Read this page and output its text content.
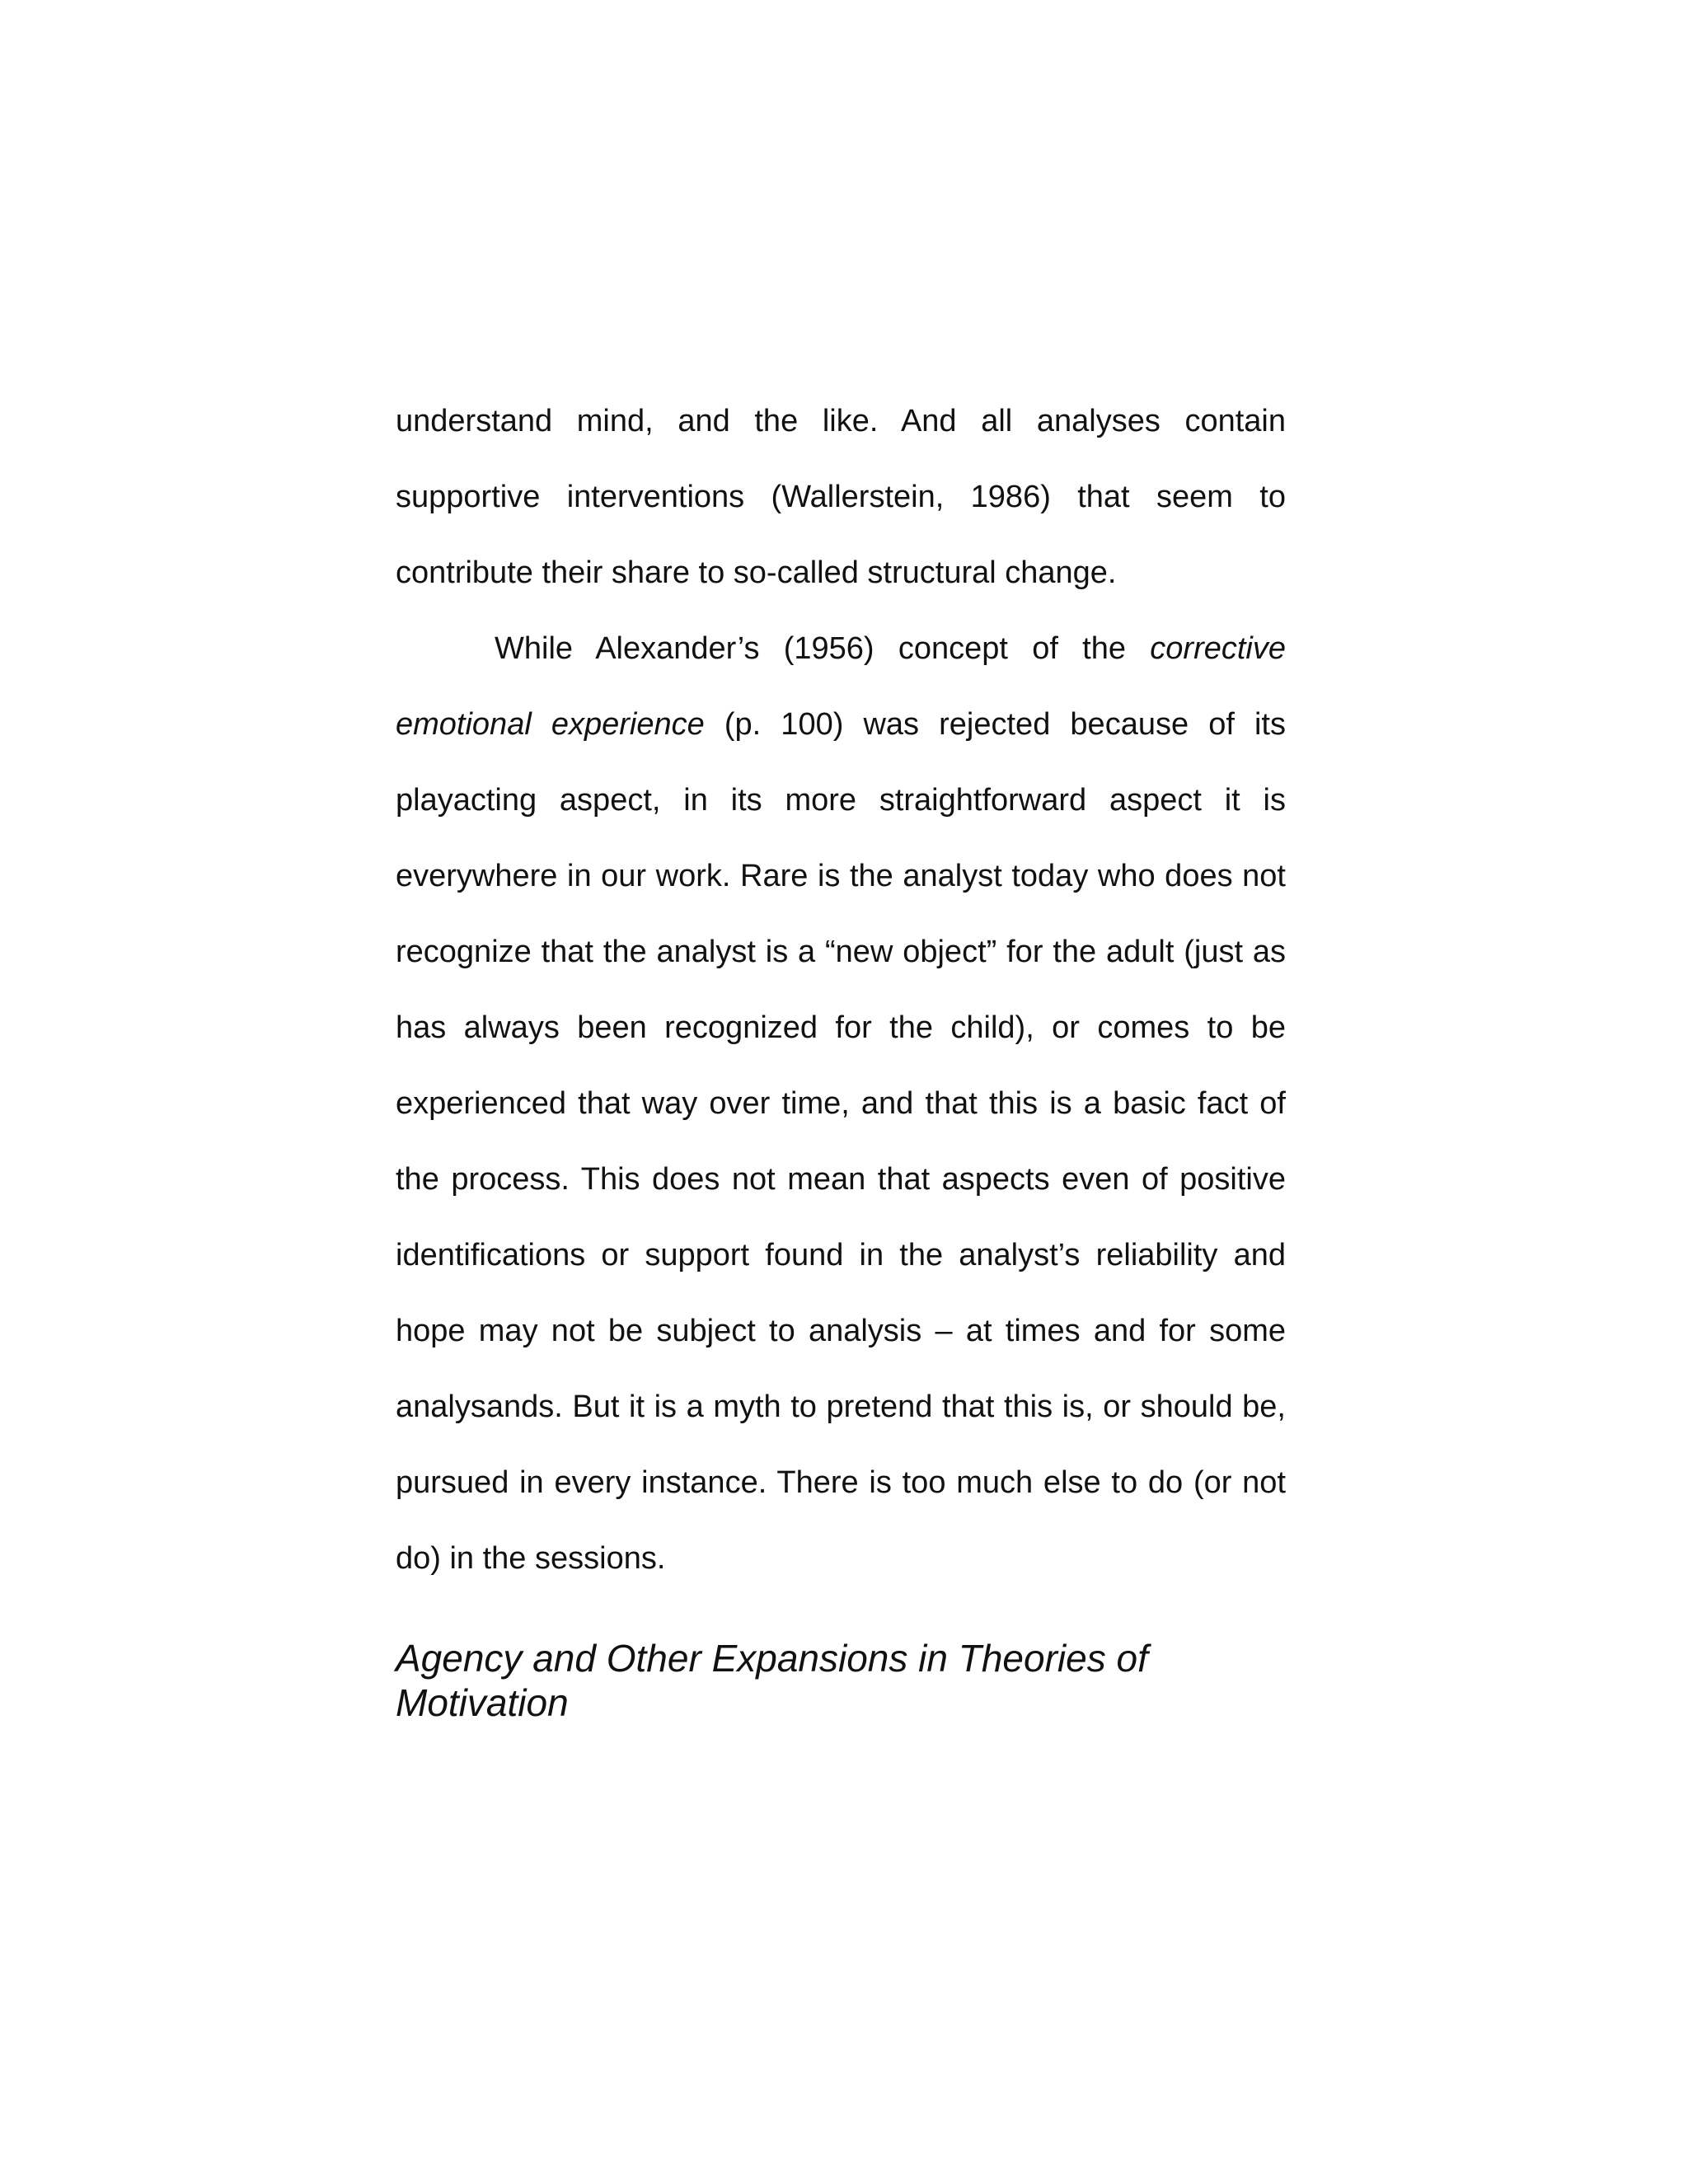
understand mind, and the like. And all analyses contain supportive interventions (Wallerstein, 1986) that seem to contribute their share to so-called structural change.

While Alexander’s (1956) concept of the corrective emotional experience (p. 100) was rejected because of its playacting aspect, in its more straightforward aspect it is everywhere in our work. Rare is the analyst today who does not recognize that the analyst is a “new object” for the adult (just as has always been recognized for the child), or comes to be experienced that way over time, and that this is a basic fact of the process. This does not mean that aspects even of positive identifications or support found in the analyst’s reliability and hope may not be subject to analysis – at times and for some analysands. But it is a myth to pretend that this is, or should be, pursued in every instance. There is too much else to do (or not do) in the sessions.

Agency and Other Expansions in Theories of Motivation
